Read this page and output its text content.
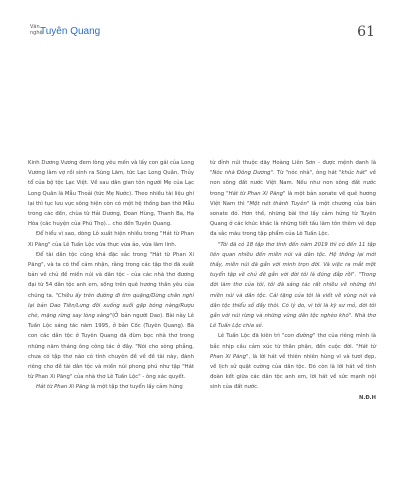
Văn nghệ
Tuyên Quang	61

Kinh Dương Vương đem lòng yêu mến và lấy con gái của Long Vương làm vợ rồi sinh ra Sùng Lãm, tức Lạc Long Quân, Thủy tổ của bộ tộc Lạc Việt. Về sau dân gian tôn người Mẹ của Lạc Long Quân là Mẫu Thoải (tức Mẹ Nước). Theo nhiều tài liệu ghi lại thì tục lưu vực sông hiện còn có một hệ thống ban thờ Mẫu trong các đền, chùa từ Hải Dương, Đoan Hùng, Thanh Ba, Hạ Hòa (các huyện của Phú Thọ)... cho đến Tuyên Quang.

Để hiểu vì sao, dòng Lô xuất hiện nhiều trong "Hát từ Phan Xi Păng" của Lê Tuấn Lộc vừa thực vừa ảo, vừa lãm linh.

Để tài dân tộc cũng khá đặc sắc trong "Hát từ Phan Xi Păng", và ta có thể cảm nhận, rằng trong các tập thơ đã xuất bản về chủ đề miền núi và dân tộc - của các nhà thơ đương đại từ 54 dân tộc anh em, sống trên quê hương thân yêu của chúng ta. "Chiều ấy trên đường đi tìm quặng/Dừng chân nghỉ lại bản Dao Tiền/Lưng đồi xuống suối gặp bóng nàng/Rượu chè, mặng rừng say lòng sàng"(Ở bản người Dao). Bài này Lê Tuấn Lộc sáng tác năm 1995, ở bản Cốc (Tuyên Quang). Bà con các dân tộc ở Tuyên Quang đã đùm bọc nhà thơ trong những năm tháng ông công tác ở đây. "Nói cho sòng phẳng, chưa có tập thơ nào có tính chuyên đề về đề tài này, đánh riêng cho đề tài dân tộc và miền núi phong phú như tập "Hát từ Phan Xi Păng" của nhà thơ Lê Tuấn Lộc" - ông xác quyết.

Hát từ Phan Xi Păng là một tập thơ tuyển lấy cảm hứng

từ đỉnh núi thuộc dãy Hoàng Liên Sơn - được mệnh danh là "Nóc nhà Đông Dương". Từ "nóc nhà", ông hát "khúc hát" về non sông đất nước Việt Nam. Nếu như non sông đất nước trong "Hát từ Phan Xi Păng" là một bản sonate về quê hương Việt Nam thì "Một nét thành Tuyên" là một chương của bản sonate đó. Hơn thế, những bài thơ lấy cảm hứng từ Tuyên Quang ở các khúc khác là những tiết tấu làm tôn thêm vẻ đẹp đa sắc màu trong tập phẩm của Lê Tuấn Lộc.

"Tôi đã có 18 tập thơ tính đến năm 2019 thì có đến 11 tập liên quan nhiều đến miền núi và dân tộc. Hệ thống lại mới thấy, miền núi đã gắn với mình trọn đời. Và việc ra mắt một tuyển tập về chủ đề gắn với đời tôi là đúng đắp rồi". "Trong đời làm thơ của tôi, tôi đã sáng tác rất nhiều về những thi miền núi và dân tộc. Cái tặng của tôi là viết về vùng núi và dân tộc thiểu số đấy thôi. Có lý do, vì tôi là kỹ sư mỏ, đời tôi gắn với núi rừng và những vùng dân tộc nghèo khó". Nhà thơ Lê Tuấn Lộc chia sẻ.

Lê Tuấn Lộc đã kiên trì "con đường" thơ của riêng mình là bắc nhịp cầu cảm xúc từ thân phận, đến cuộc đời. "Hát từ Phan Xi Păng", là lời hát về thiên nhiên hùng vĩ và tươi đẹp, về lịch sử quật cường của dân tộc. Đó còn là lời hát về tình đoàn kết giữa các dân tộc anh em, lời hát về sức mạnh nội sinh của đất nước.

N.Đ.H
